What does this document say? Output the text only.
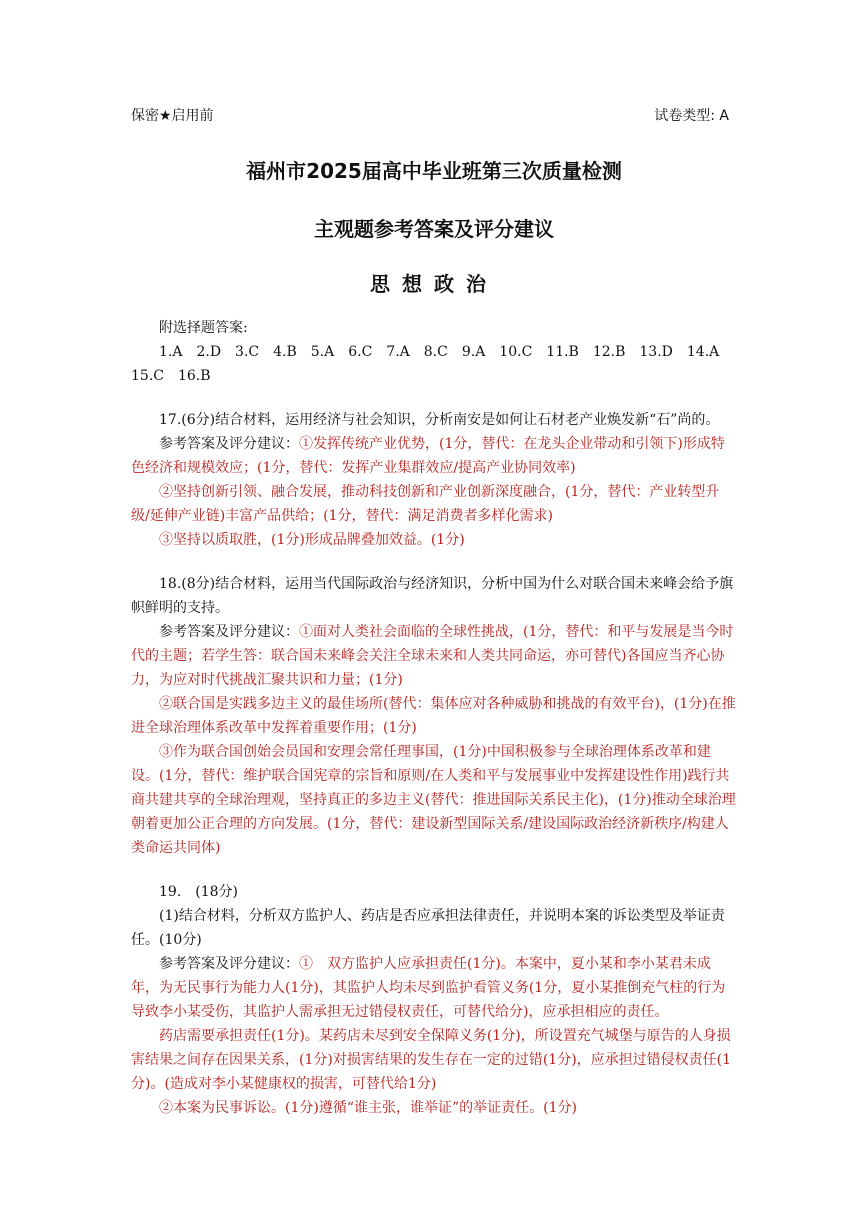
保密★启用前	试卷类型: A
福州市2025届高中毕业班第三次质量检测
主观题参考答案及评分建议
思想政治

附选择题答案:

1.A　2.D　3.C　4.B　5.A　6.C　7.A　8.C　9.A　10.C　11.B　12.B　13.D　14.A

15.C　16.B

17.(6分)结合材料，运用经济与社会知识，分析南安是如何让石材老产业焕发新“石”尚的。

参考答案及评分建议：①发挥传统产业优势，(1分，替代：在龙头企业带动和引领下)形成特色经济和规模效应；(1分，替代：发挥产业集群效应/提高产业协同效率)

②坚持创新引领、融合发展，推动科技创新和产业创新深度融合，(1分，替代：产业转型升级/延伸产业链)丰富产品供给；(1分，替代：满足消费者多样化需求)

③坚持以质取胜，(1分)形成品牌叠加效益。(1分)

18.(8分)结合材料，运用当代国际政治与经济知识，分析中国为什么对联合国未来峰会给予旗帜鲜明的支持。

参考答案及评分建议：①面对人类社会面临的全球性挑战，(1分，替代：和平与发展是当今时代的主题；若学生答：联合国未来峰会关注全球未来和人类共同命运，亦可替代)各国应当齐心协力，为应对时代挑战汇聚共识和力量；(1分)

②联合国是实践多边主义的最佳场所(替代：集体应对各种威胁和挑战的有效平台)，(1分)在推进全球治理体系改革中发挥着重要作用；(1分)

③作为联合国创始会员国和安理会常任理事国，(1分)中国积极参与全球治理体系改革和建设。(1分，替代：维护联合国宪章的宗旨和原则/在人类和平与发展事业中发挥建设性作用)践行共商共建共享的全球治理观，坚持真正的多边主义(替代：推进国际关系民主化)，(1分)推动全球治理朝着更加公正合理的方向发展。(1分，替代：建设新型国际关系/建设国际政治经济新秩序/构建人类命运共同体)

19.　(18分)

(1)结合材料，分析双方监护人、药店是否应承担法律责任，并说明本案的诉讼类型及举证责任。(10分)

参考答案及评分建议：①　双方监护人应承担责任(1分)。本案中，夏小某和李小某君未成年，为无民事行为能力人(1分)，其监护人均未尽到监护看管义务(1分，夏小某推倒充气柱的行为导致李小某受伤，其监护人需承担无过错侵权责任，可替代给分)，应承担相应的责任。

药店需要承担责任(1分)。某药店未尽到安全保障义务(1分)，所设置充气城堡与原告的人身损害结果之间存在因果关系，(1分)对损害结果的发生存在一定的过错(1分)，应承担过错侵权责任(1分)。(造成对李小某健康权的损害，可替代给1分)

②本案为民事诉讼。(1分)遵循“谁主张，谁举证”的举证责任。(1分)
